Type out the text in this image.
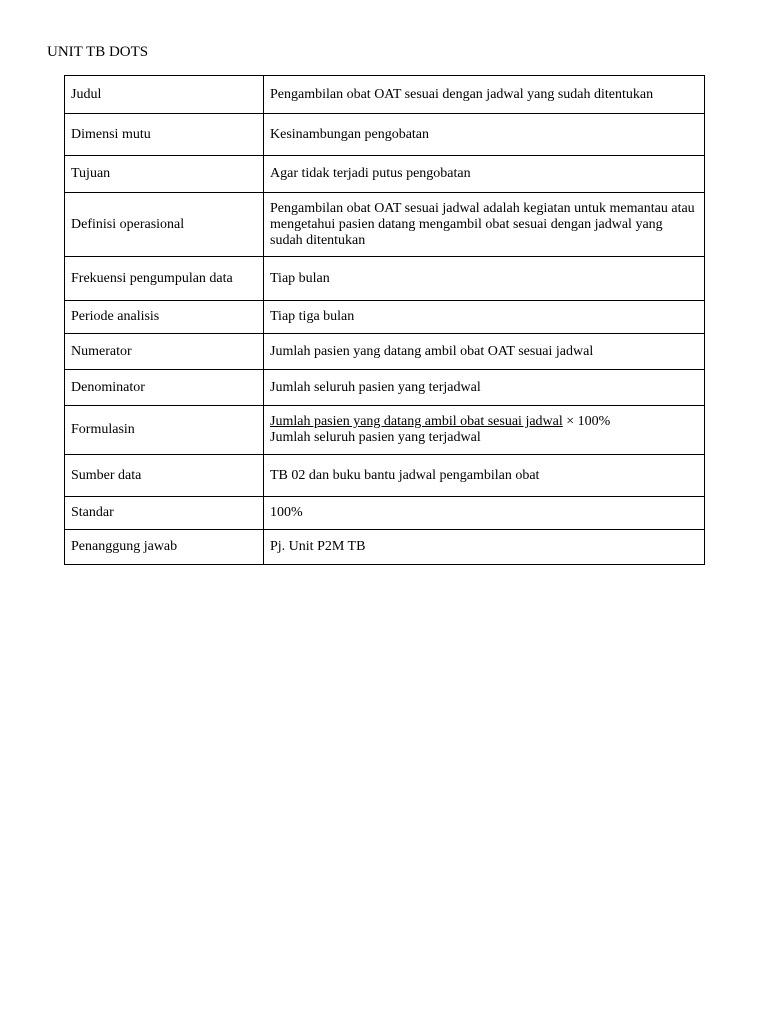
UNIT TB DOTS
Judul	Pengambilan obat OAT sesuai dengan jadwal yang sudah ditentukan
Dimensi mutu	Kesinambungan pengobatan
Tujuan	Agar tidak terjadi putus pengobatan
Definisi operasional	Pengambilan obat OAT sesuai jadwal adalah kegiatan untuk memantau atau mengetahui pasien datang mengambil obat sesuai dengan jadwal yang sudah ditentukan
Frekuensi pengumpulan data	Tiap bulan
Periode analisis	Tiap tiga bulan
Numerator	Jumlah pasien yang datang ambil obat OAT sesuai jadwal
Denominator	Jumlah seluruh pasien yang terjadwal
Formulasin	Jumlah pasien yang datang ambil obat sesuai jadwal × 100%
Jumlah seluruh pasien yang terjadwal

Sumber data	TB 02 dan buku bantu jadwal pengambilan obat
Standar	100%
Penanggung jawab	Pj. Unit P2M TB
